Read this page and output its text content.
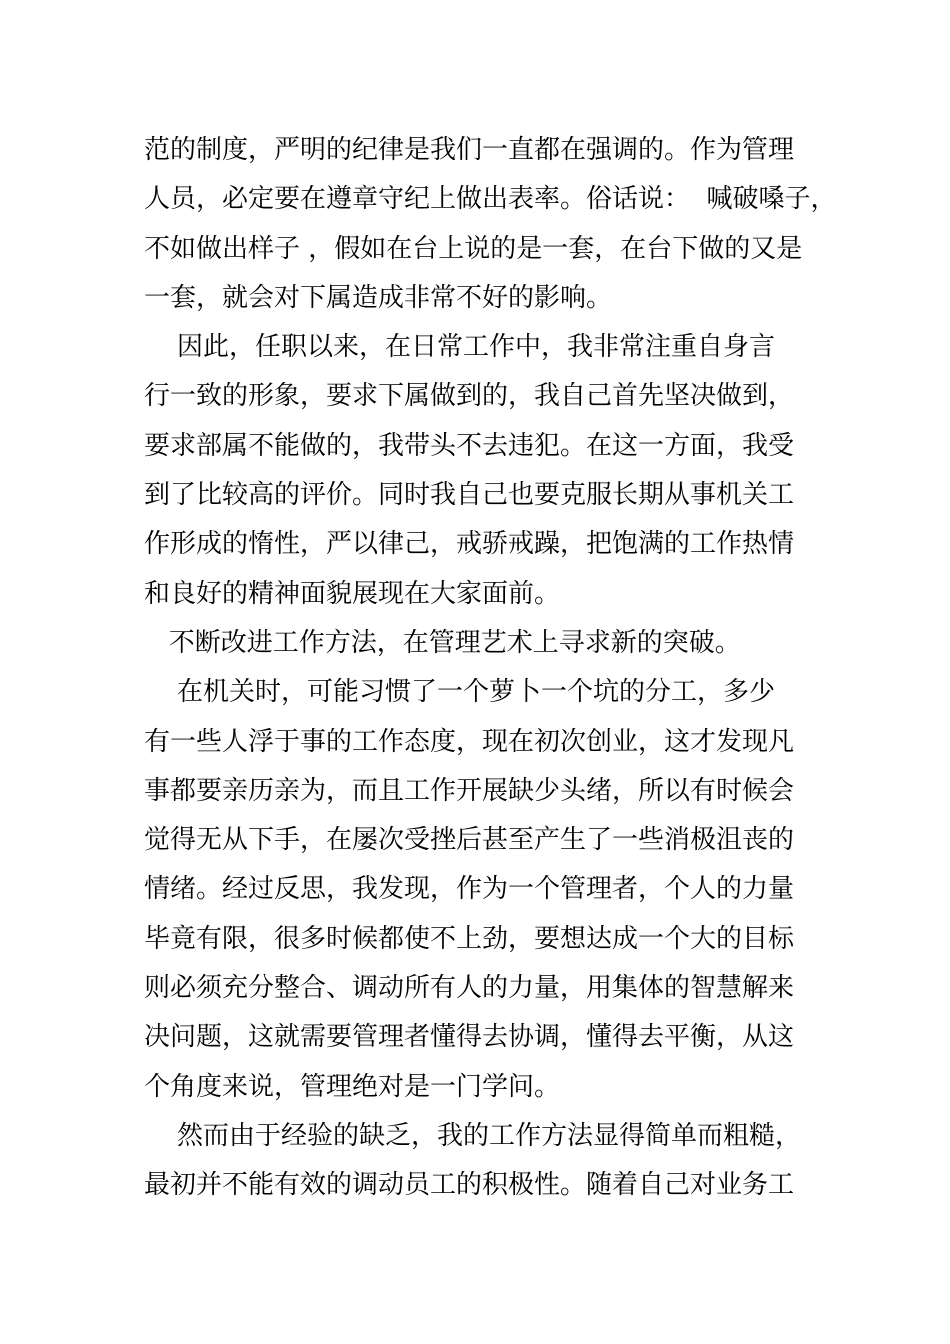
范的制度，严明的纪律是我们一直都在强调的。作为管理
人员，必定要在遵章守纪上做出表率。俗话说：  喊破嗓子，
不如做出样子 ，假如在台上说的是一套，在台下做的又是
一套，就会对下属造成非常不好的影响。
因此，任职以来，在日常工作中，我非常注重自身言
行一致的形象，要求下属做到的，我自己首先坚决做到，
要求部属不能做的，我带头不去违犯。在这一方面，我受
到了比较高的评价。同时我自己也要克服长期从事机关工
作形成的惰性，严以律己，戒骄戒躁，把饱满的工作热情
和良好的精神面貌展现在大家面前。
不断改进工作方法，在管理艺术上寻求新的突破。
在机关时，可能习惯了一个萝卜一个坑的分工，多少
有一些人浮于事的工作态度，现在初次创业，这才发现凡
事都要亲历亲为，而且工作开展缺少头绪，所以有时候会
觉得无从下手，在屡次受挫后甚至产生了一些消极沮丧的
情绪。经过反思，我发现，作为一个管理者，个人的力量
毕竟有限，很多时候都使不上劲，要想达成一个大的目标
则必须充分整合、调动所有人的力量，用集体的智慧解来
决问题，这就需要管理者懂得去协调，懂得去平衡，从这
个角度来说，管理绝对是一门学问。
然而由于经验的缺乏，我的工作方法显得简单而粗糙，
最初并不能有效的调动员工的积极性。随着自己对业务工
